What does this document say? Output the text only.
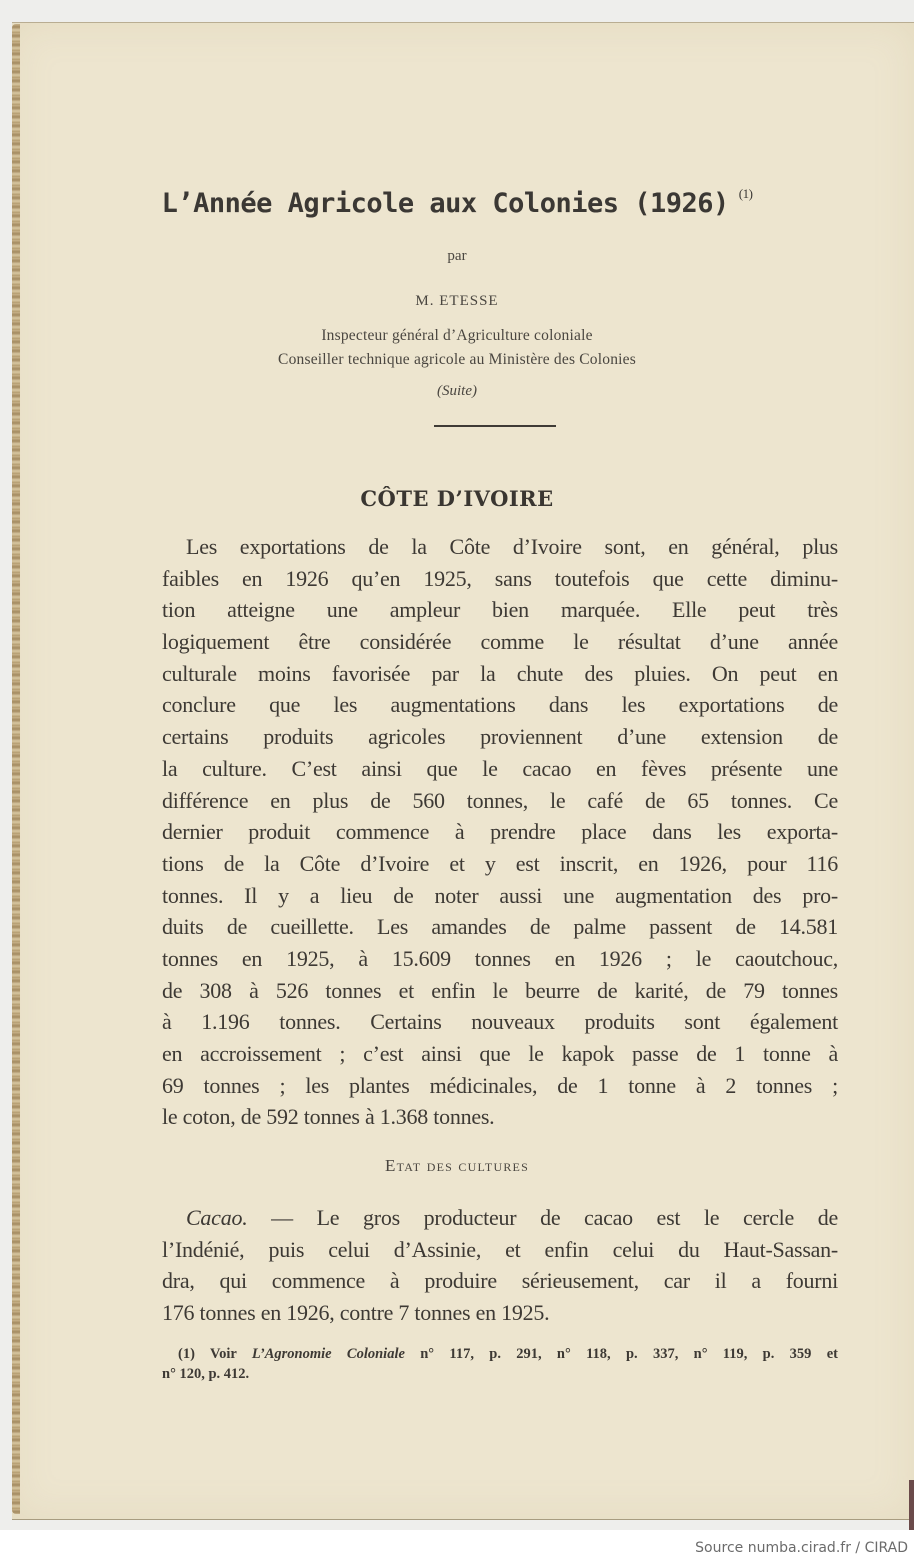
L’Année Agricole aux Colonies (1926) $^{(1)}$
par
M. ETESSE
Inspecteur général d’Agriculture coloniale
Conseiller technique agricole au Ministère des Colonies
(Suite)
CÔTE D’IVOIRE
Les exportations de la Côte d’Ivoire sont, en général, plus
faibles en 1926 qu’en 1925, sans toutefois que cette diminu-
tion atteigne une ampleur bien marquée. Elle peut très
logiquement être considérée comme le résultat d’une année
culturale moins favorisée par la chute des pluies. On peut en
conclure que les augmentations dans les exportations de
certains produits agricoles proviennent d’une extension de
la culture. C’est ainsi que le cacao en fèves présente une
différence en plus de 560 tonnes, le café de 65 tonnes. Ce
dernier produit commence à prendre place dans les exporta-
tions de la Côte d’Ivoire et y est inscrit, en 1926, pour 116
tonnes. Il y a lieu de noter aussi une augmentation des pro-
duits de cueillette. Les amandes de palme passent de 14.581
tonnes en 1925, à 15.609 tonnes en 1926 ; le caoutchouc,
de 308 à 526 tonnes et enfin le beurre de karité, de 79 tonnes
à 1.196 tonnes. Certains nouveaux produits sont également
en accroissement ; c’est ainsi que le kapok passe de 1 tonne à
69 tonnes ; les plantes médicinales, de 1 tonne à 2 tonnes ;
le coton, de 592 tonnes à 1.368 tonnes.
Etat des cultures
Cacao. — Le gros producteur de cacao est le cercle de
l’Indénié, puis celui d’Assinie, et enfin celui du Haut-Sassan-
dra, qui commence à produire sérieusement, car il a fourni
176 tonnes en 1926, contre 7 tonnes en 1925.
(1) Voir L’Agronomie Coloniale n° 117, p. 291, n° 118, p. 337, n° 119, p. 359 et
n° 120, p. 412.
Source numba.cirad.fr / CIRAD
